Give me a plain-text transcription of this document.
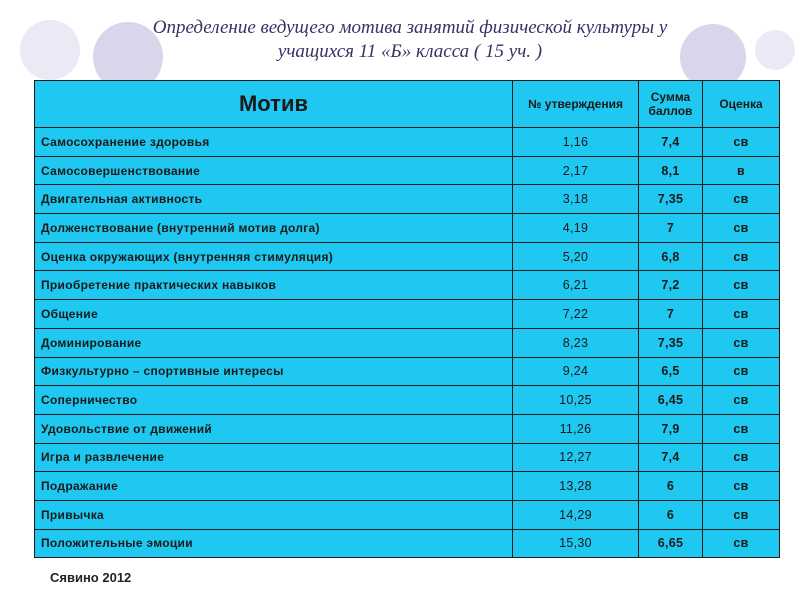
Определение ведущего мотива занятий физической культуры у
учащихся 11 «Б» класса ( 15 уч. )
Мотив	№ утверждения	Сумма баллов	Оценка
Самосохранение здоровья	1,16	7,4	св
Самосовершенствование	2,17	8,1	в
Двигательная активность	3,18	7,35	св
Долженствование (внутренний мотив долга)	4,19	7	св
Оценка окружающих (внутренняя стимуляция)	5,20	6,8	св
Приобретение практических навыков	6,21	7,2	св
Общение	7,22	7	св
Доминирование	8,23	7,35	св
Физкультурно – спортивные интересы	9,24	6,5	св
Соперничество	10,25	6,45	св
Удовольствие от движений	11,26	7,9	св
Игра и развлечение	12,27	7,4	св
Подражание	13,28	6	св
Привычка	14,29	6	св
Положительные эмоции	15,30	6,65	св
Сявино 2012
